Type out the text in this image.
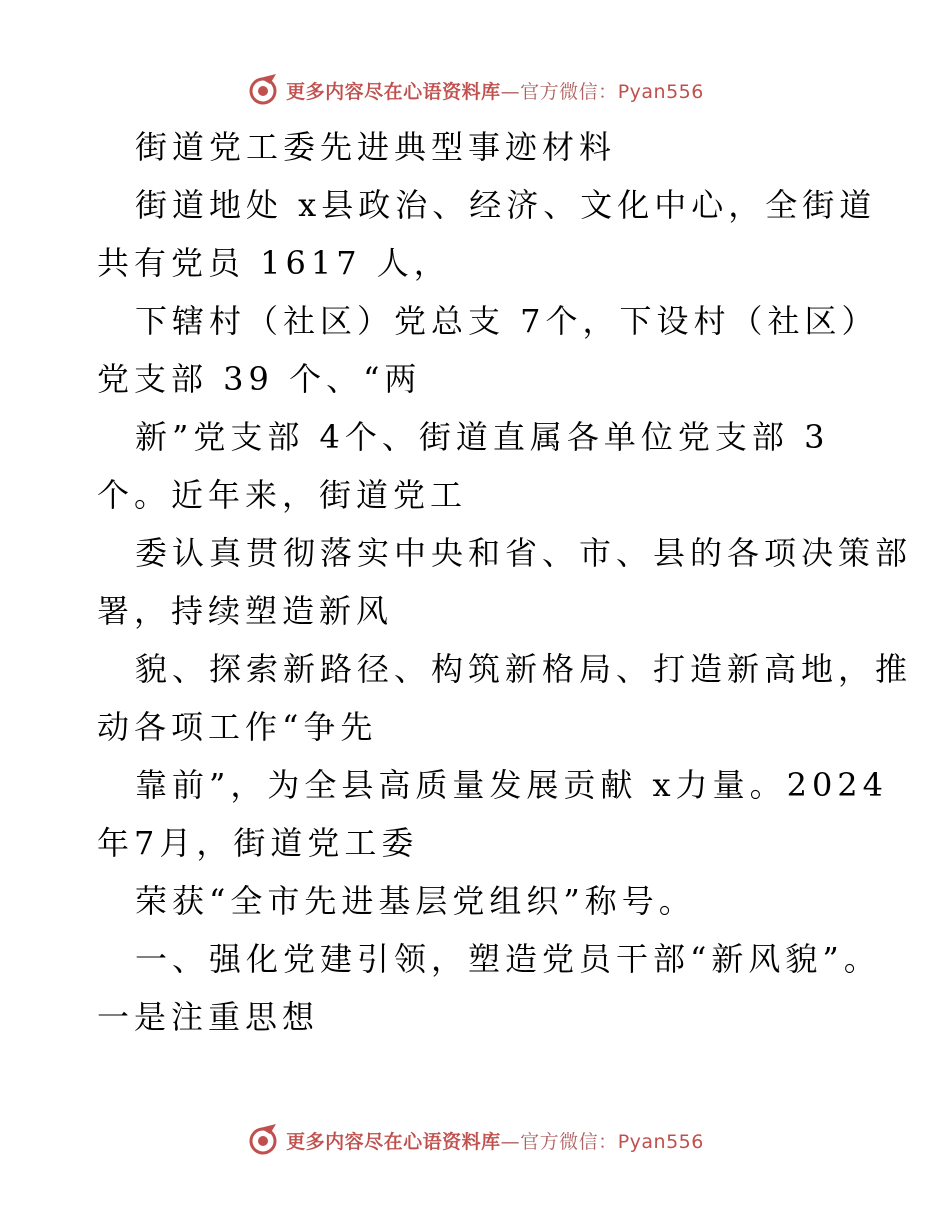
更多内容尽在心语资料库—官方微信：Pyan556
街道党工委先进典型事迹材料
街道地处 x县政治、经济、文化中心，全街道
共有党员 1617 人，
下辖村（社区）党总支 7个，下设村（社区）
党支部 39 个、“两
新”党支部 4个、街道直属各单位党支部 3
个。近年来，街道党工
委认真贯彻落实中央和省、市、县的各项决策部
署，持续塑造新风
貌、探索新路径、构筑新格局、打造新高地，推
动各项工作“争先
靠前”，为全县高质量发展贡献 x力量。2024
年7月，街道党工委
荣获“全市先进基层党组织”称号。
一、强化党建引领，塑造党员干部“新风貌”。
一是注重思想
更多内容尽在心语资料库—官方微信：Pyan556
